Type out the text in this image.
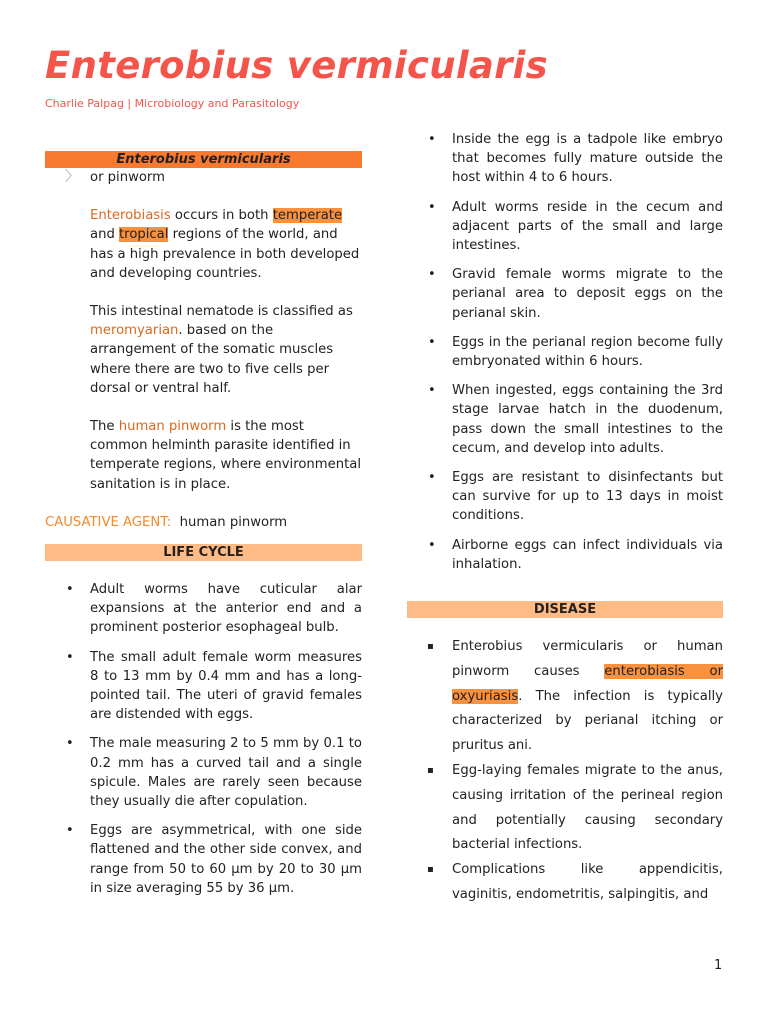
Enterobius vermicularis
Charlie Palpag | Microbiology and Parasitology
Enterobius vermicularis
〉 or pinworm

Enterobiasis occurs in both temperate
and tropical regions of the world, and has a high prevalence in both developed and developing countries.

This intestinal nematode is classified as meromyarian. based on the arrangement of the somatic muscles where there are two to five cells per dorsal or ventral half.

The human pinworm is the most common helminth parasite identified in temperate regions, where environmental sanitation is in place.

CAUSATIVE AGENT: human pinworm

LIFE CYCLE
• Adult worms have cuticular alar expansions at the anterior end and a prominent posterior esophageal bulb.
• The small adult female worm measures 8 to 13 mm by 0.4 mm and has a long-pointed tail. The uteri of gravid females are distended with eggs.
• The male measuring 2 to 5 mm by 0.1 to 0.2 mm has a curved tail and a single spicule. Males are rarely seen because they usually die after copulation.
• Eggs are asymmetrical, with one side flattened and the other side convex, and range from 50 to 60 µm by 20 to 30 µm in size averaging 55 by 36 µm.
• Inside the egg is a tadpole like embryo that becomes fully mature outside the host within 4 to 6 hours.
• Adult worms reside in the cecum and adjacent parts of the small and large intestines.
• Gravid female worms migrate to the perianal area to deposit eggs on the perianal skin.
• Eggs in the perianal region become fully embryonated within 6 hours.
• When ingested, eggs containing the 3rd stage larvae hatch in the duodenum, pass down the small intestines to the cecum, and develop into adults.
• Eggs are resistant to disinfectants but can survive for up to 13 days in moist conditions.
• Airborne eggs can infect individuals via inhalation.
DISEASE
▪ Enterobius vermicularis or human pinworm causes enterobiasis or oxyuriasis. The infection is typically characterized by perianal itching or pruritus ani.
▪ Egg-laying females migrate to the anus, causing irritation of the perineal region and potentially causing secondary bacterial infections.
▪ Complications like appendicitis, vaginitis, endometritis, salpingitis, and
1
